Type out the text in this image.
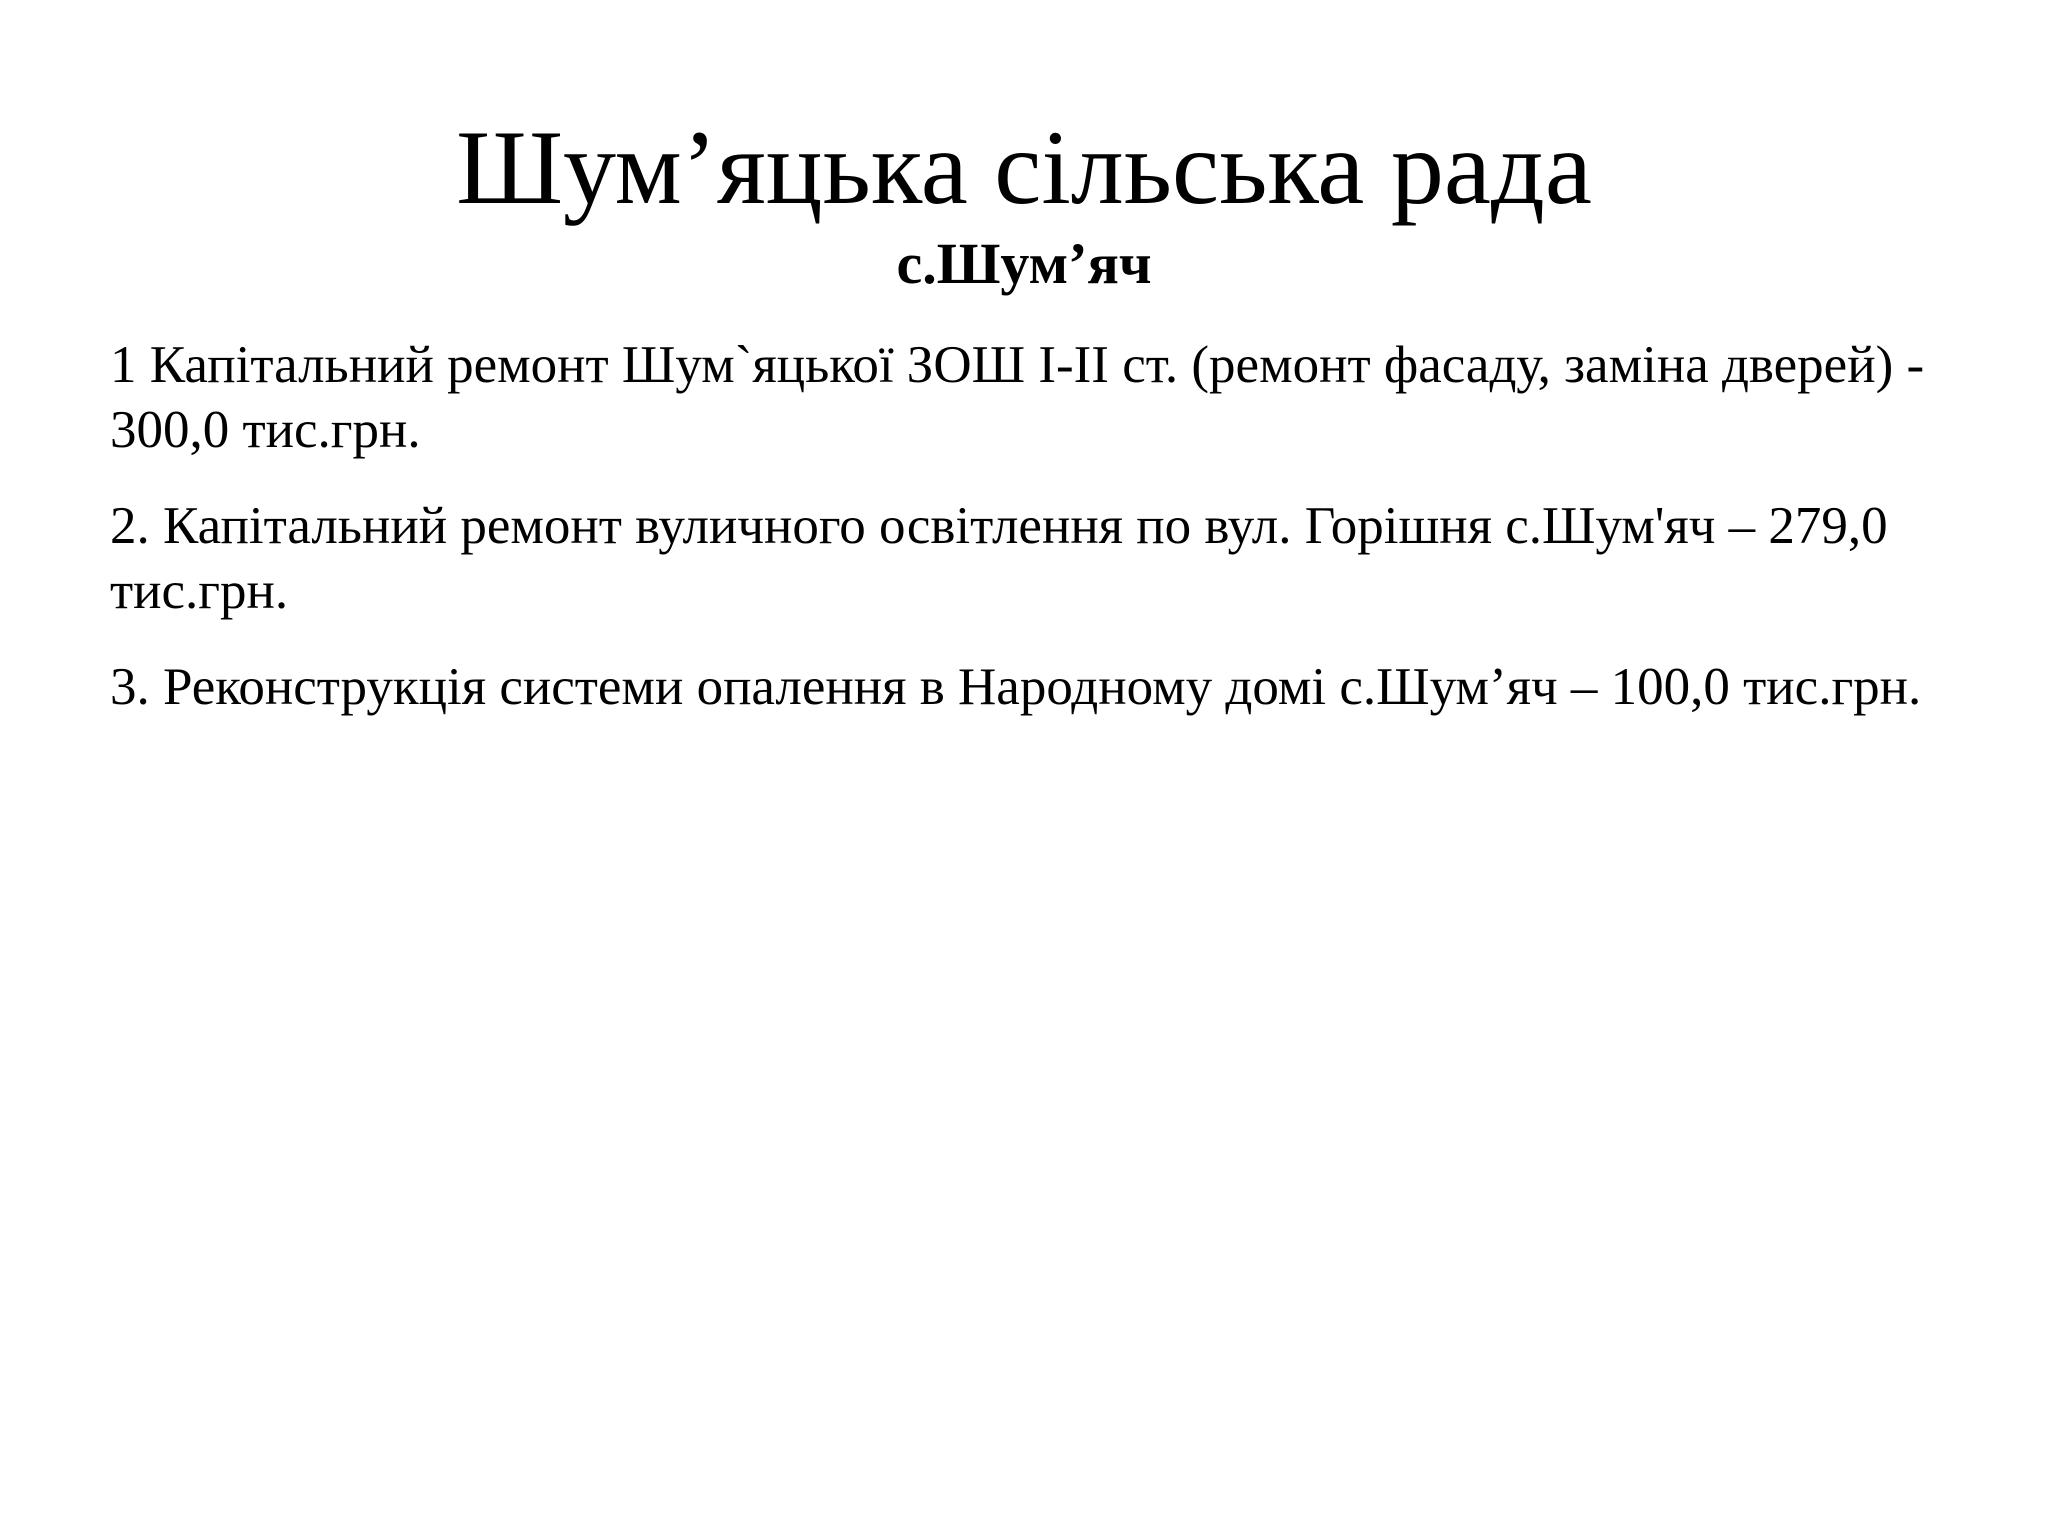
Шум’яцька сільська рада
с.Шум’яч

1 Капітальний ремонт Шум`яцької ЗОШ І-ІІ ст. (ремонт фасаду, заміна дверей) - 300,0 тис.грн.

2. Капітальний ремонт вуличного освітлення по вул. Горішня с.Шум'яч – 279,0 тис.грн.

3. Реконструкція системи опалення в Народному домі с.Шум’яч – 100,0 тис.грн.
